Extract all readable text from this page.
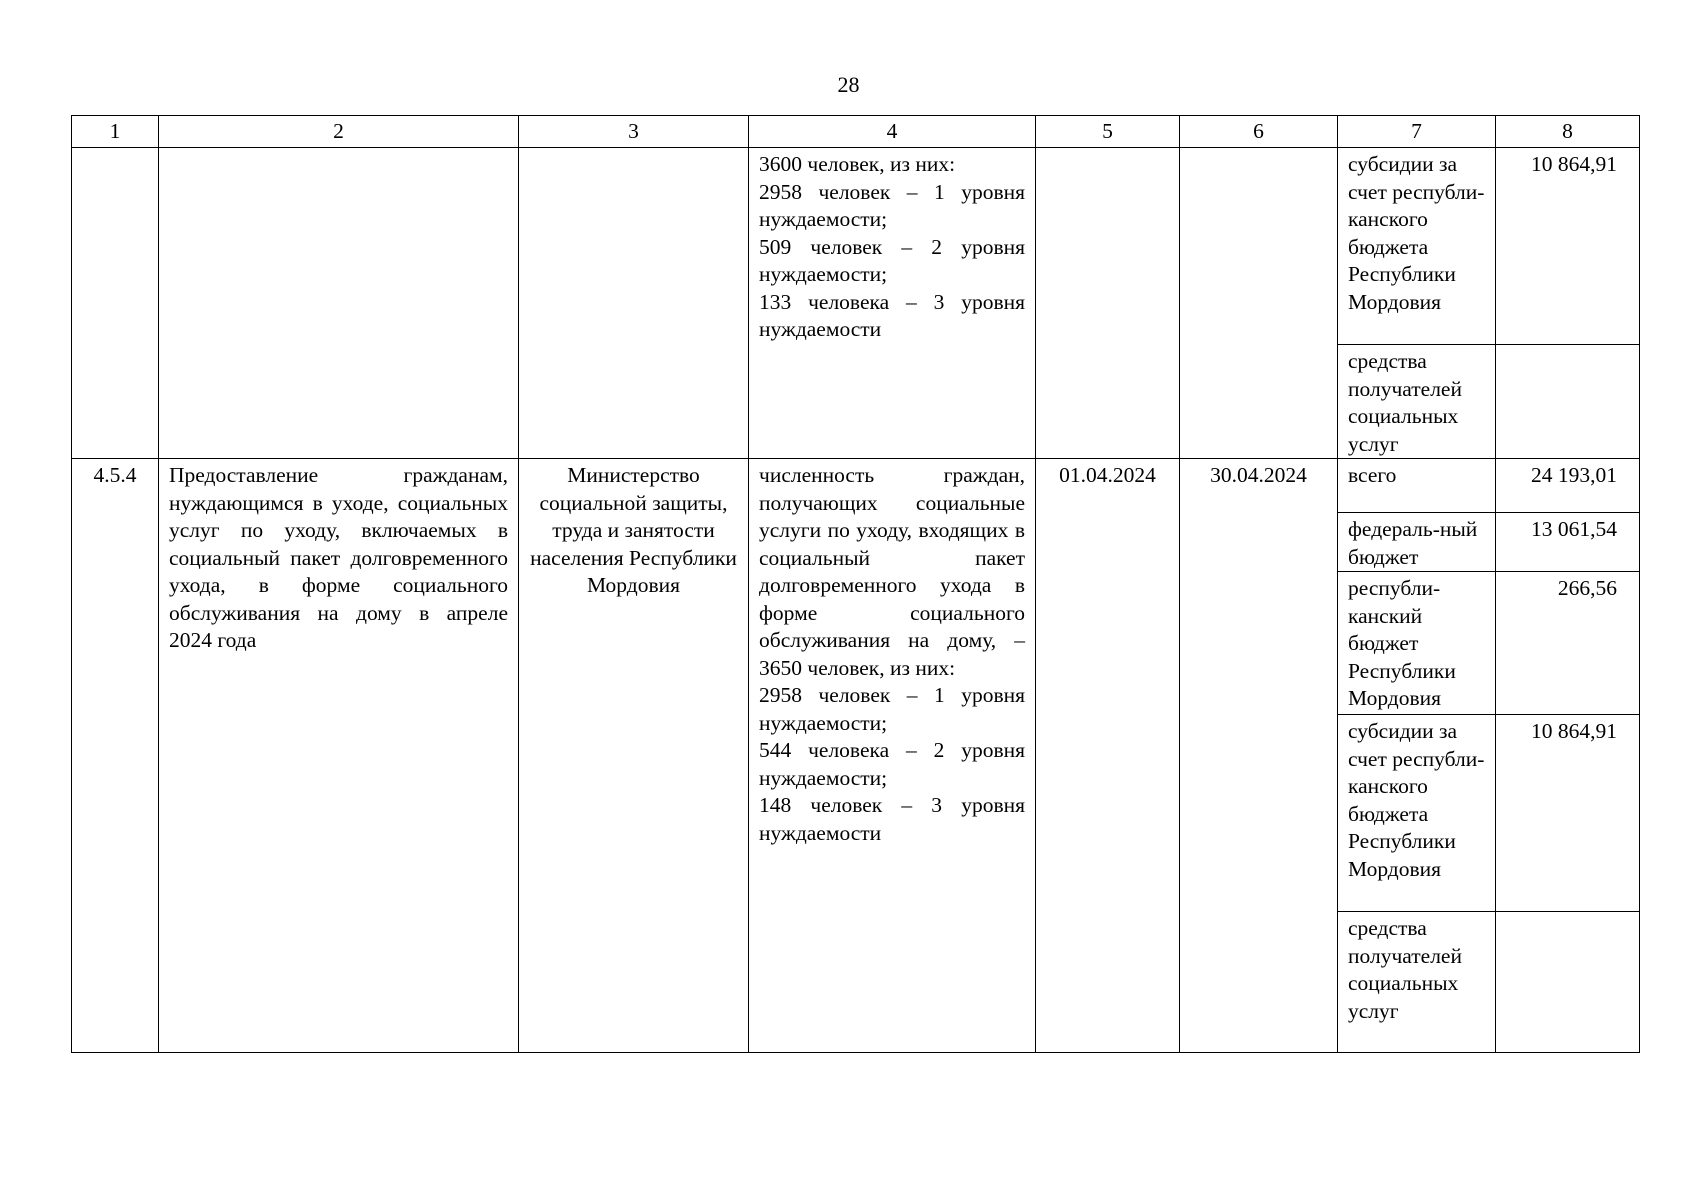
28
1	2	3	4	5	6	7	8

			3600 человек, из них:
2958 человек – 1 уровня нуждаемости;
509 человек – 2 уровня нуждаемости;
133 человека – 3 уровня нуждаемости			субсидии за счет республи-канского бюджета Республики Мордовия	10 864,91
						средства получателей социальных услуг	
4.5.4	Предоставление гражданам, нуждающимся в уходе, социальных услуг по уходу, включаемых в социальный пакет долговременного ухода, в форме социального обслуживания на дому в апреле 2024 года	Министерство социальной защиты, труда и занятости населения Республики Мордовия	численность граждан, получающих социальные услуги по уходу, входящих в социальный пакет долговременного ухода в форме социального обслуживания на дому, – 3650 человек, из них:
2958 человек – 1 уровня нуждаемости;
544 человека – 2 уровня нуждаемости;
148 человек – 3 уровня нуждаемости	01.04.2024	30.04.2024	всего	24 193,01
						федераль-ный бюджет	13 061,54
						республи-канский бюджет Республики Мордовия	266,56
						субсидии за счет республи-канского бюджета Республики Мордовия	10 864,91
						средства получателей социальных услуг	
